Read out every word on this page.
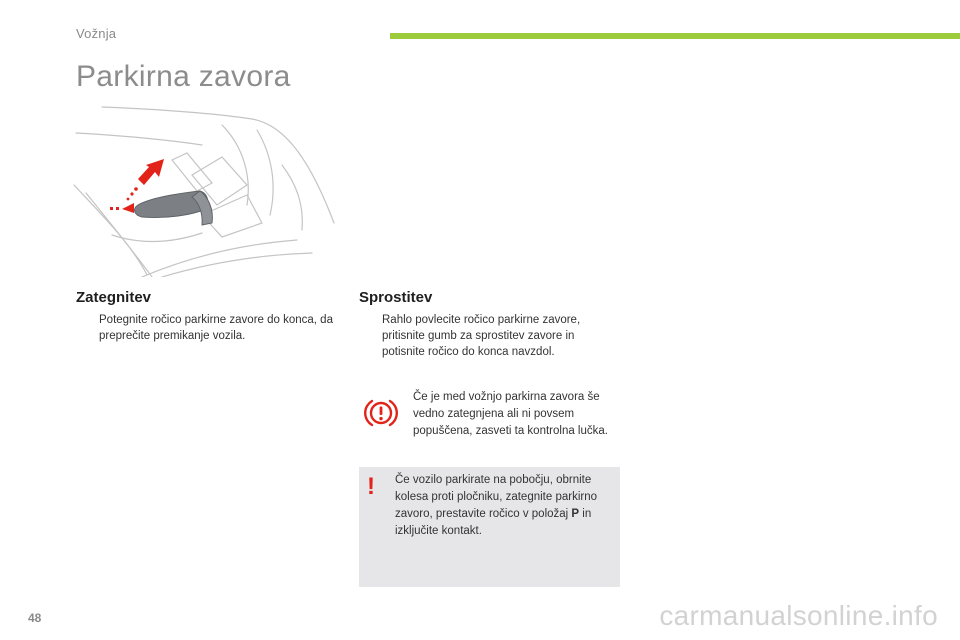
Vožnja
Parkirna zavora
Zategnitev
Potegnite ročico parkirne zavore do konca, da preprečite premikanje vozila.
Sprostitev
Rahlo povlecite ročico parkirne zavore, pritisnite gumb za sprostitev zavore in potisnite ročico do konca navzdol.
Če je med vožnjo parkirna zavora še vedno zategnjena ali ni povsem popuščena, zasveti ta kontrolna lučka.
! Če vozilo parkirate na pobočju, obrnite kolesa proti pločniku, zategnite parkirno zavoro, prestavite ročico v položaj P in izključite kontakt.
48	carmanualsonline.info
